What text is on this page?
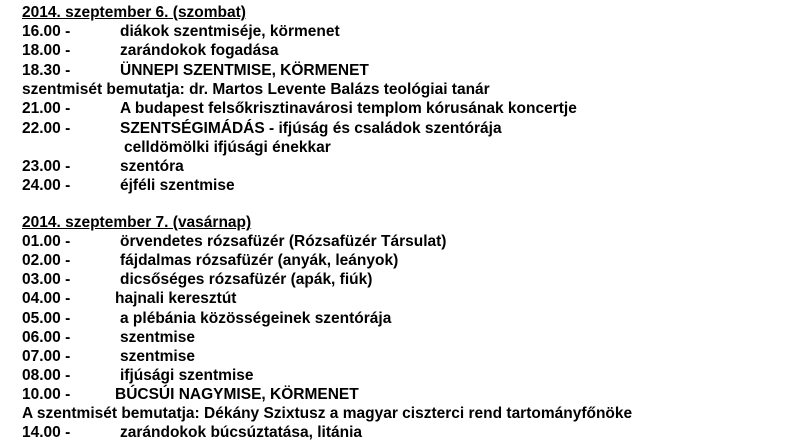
2014. szeptember 6. (szombat)
16.00 -	diákok szentmiséje, körmenet
18.00 -	zarándokok fogadása
18.30 -	ÜNNEPI SZENTMISE, KÖRMENET
szentmisét bemutatja: dr. Martos Levente Balázs teológiai tanár
21.00 -	A budapest felsőkrisztinavárosi templom kórusának koncertje
22.00 -	SZENTSÉGIMÁDÁS - ifjúság és családok szentórája
celldömölki ifjúsági énekkar
23.00 -	szentóra
24.00 -	éjféli szentmise
2014. szeptember 7. (vasárnap)
01.00 -	örvendetes rózsafüzér (Rózsafüzér Társulat)
02.00 -	fájdalmas rózsafüzér (anyák, leányok)
03.00 -	dicsőséges rózsafüzér (apák, fiúk)
04.00 -	hajnali keresztút
05.00 -	a plébánia közösségeinek szentórája
06.00 -	szentmise
07.00 -	szentmise
08.00 -	ifjúsági szentmise
10.00 -	BÚCSÚI NAGYMISE, KÖRMENET
A szentmisét bemutatja: Dékány Szixtusz a magyar ciszterci rend tartományfőnöke
14.00 -	zarándokok búcsúztatása, litánia
